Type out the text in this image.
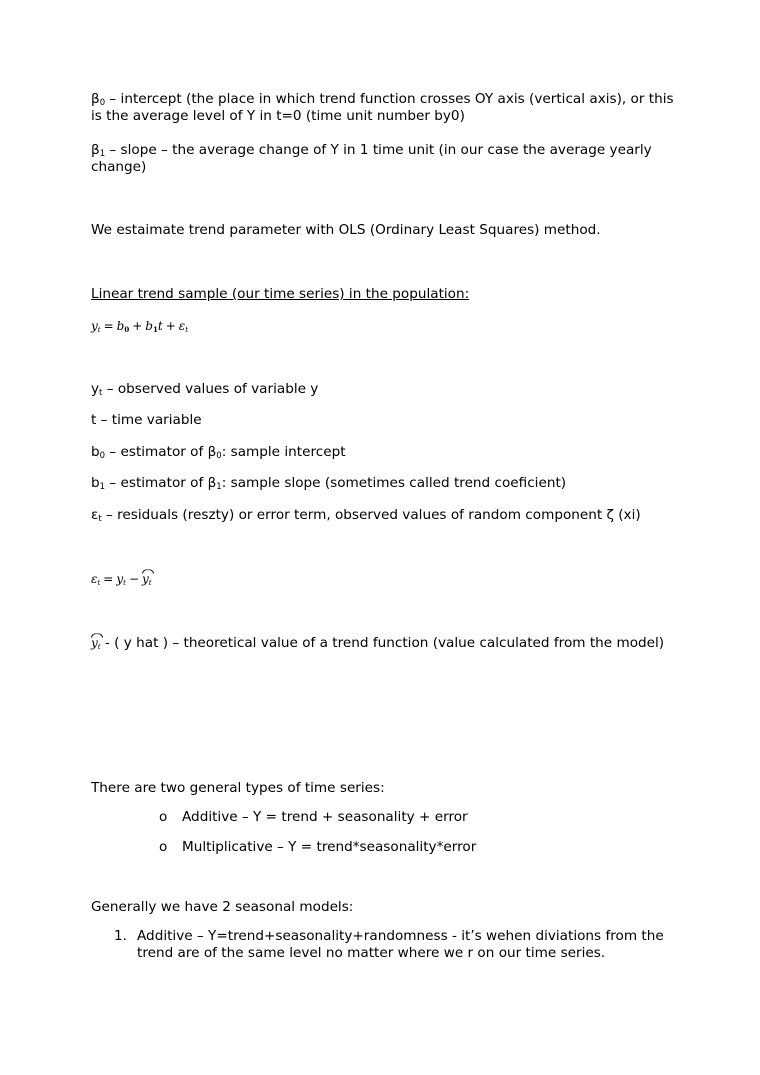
$\beta_0$ – intercept (the place in which trend function crosses OY axis (vertical axis), or this is the average level of Y in t=0 (time unit number by0)

$\beta_1$ – slope – the average change of Y in 1 time unit (in our case the average yearly change)

We estaimate trend parameter with OLS (Ordinary Least Squares) method.

Linear trend sample (our time series) in the population:

$y_t = b_0 + b_1t + \varepsilon_t$

$y_t$ – observed values of variable y

t – time variable

$b_0$ – estimator of $\beta_0$: sample intercept

$b_1$ – estimator of $\beta_1$: sample slope (sometimes called trend coeficient)

$\varepsilon_t$ – residuals (reszty) or error term, observed values of random component ζ (xi)

$\varepsilon_t = y_t - y_t$

$y_t$ - ( y hat ) – theoretical value of a trend function (value calculated from the model)

There are two general types of time series:

o Additive – Y = trend + seasonality + error
o Multiplicative – Y = trend*seasonality*error

Generally we have 2 seasonal models:

1. Additive – Y=trend+seasonality+randomness - it’s wehen diviations from the trend are of the same level no matter where we r on our time series.
